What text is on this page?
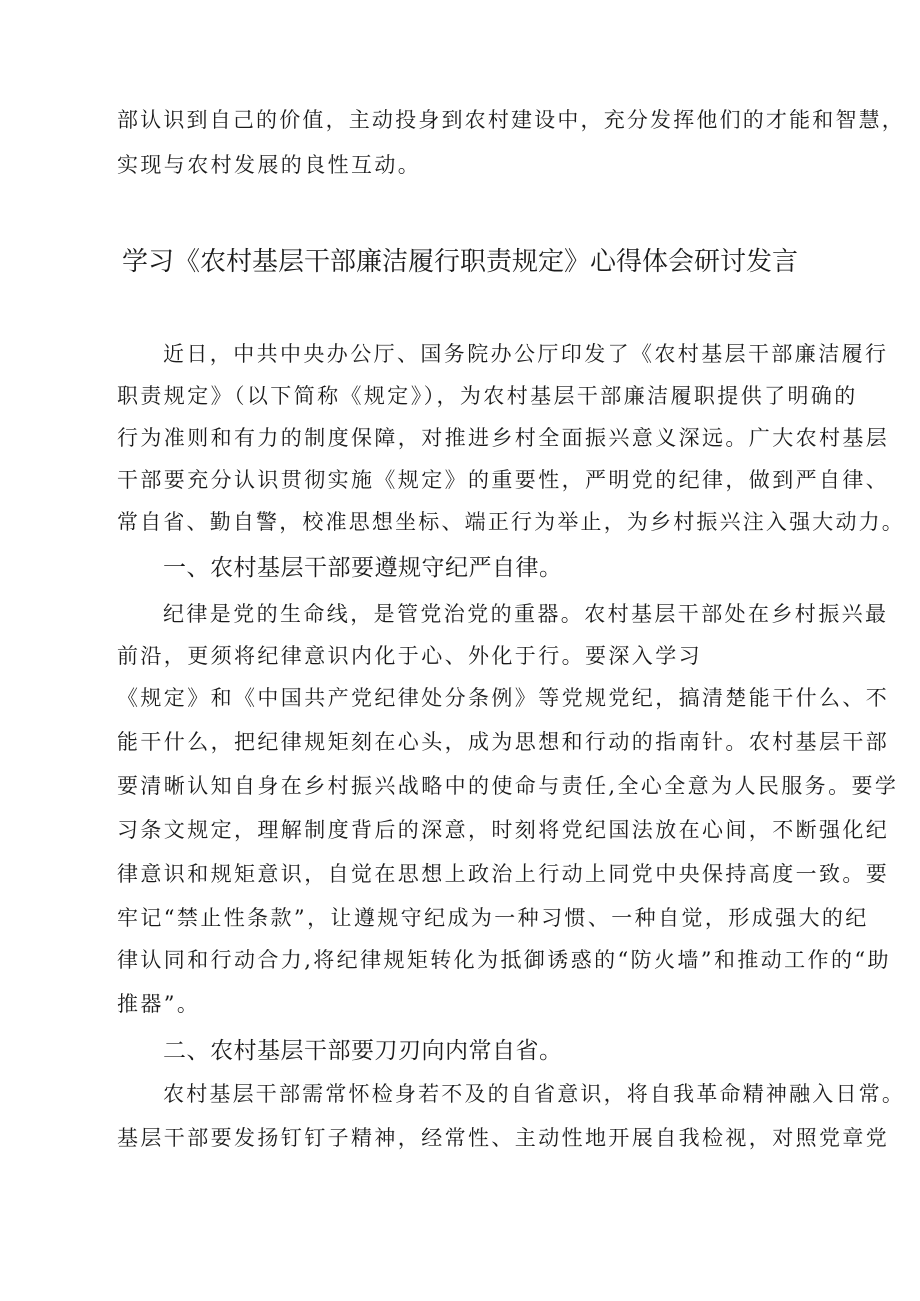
部认识到自己的价值，主动投身到农村建设中，充分发挥他们的才能和智慧，
实现与农村发展的良性互动。
学习《农村基层干部廉洁履行职责规定》心得体会研讨发言
近日，中共中央办公厅、国务院办公厅印发了《农村基层干部廉洁履行
职责规定》（以下简称《规定》），为农村基层干部廉洁履职提供了明确的
行为准则和有力的制度保障，对推进乡村全面振兴意义深远。广大农村基层
干部要充分认识贯彻实施《规定》的重要性，严明党的纪律，做到严自律、
常自省、勤自警，校准思想坐标、端正行为举止，为乡村振兴注入强大动力。
一、农村基层干部要遵规守纪严自律。
纪律是党的生命线，是管党治党的重器。农村基层干部处在乡村振兴最
前沿，更须将纪律意识内化于心、外化于行。要深入学习
《规定》和《中国共产党纪律处分条例》等党规党纪，搞清楚能干什么、不
能干什么，把纪律规矩刻在心头，成为思想和行动的指南针。农村基层干部
要清晰认知自身在乡村振兴战略中的使命与责任,全心全意为人民服务。要学
习条文规定，理解制度背后的深意，时刻将党纪国法放在心间，不断强化纪
律意识和规矩意识，自觉在思想上政治上行动上同党中央保持高度一致。要
牢记“禁止性条款”，让遵规守纪成为一种习惯、一种自觉，形成强大的纪
律认同和行动合力,将纪律规矩转化为抵御诱惑的“防火墙”和推动工作的“助
推器”。
二、农村基层干部要刀刃向内常自省。
农村基层干部需常怀检身若不及的自省意识，将自我革命精神融入日常。
基层干部要发扬钉钉子精神，经常性、主动性地开展自我检视，对照党章党
